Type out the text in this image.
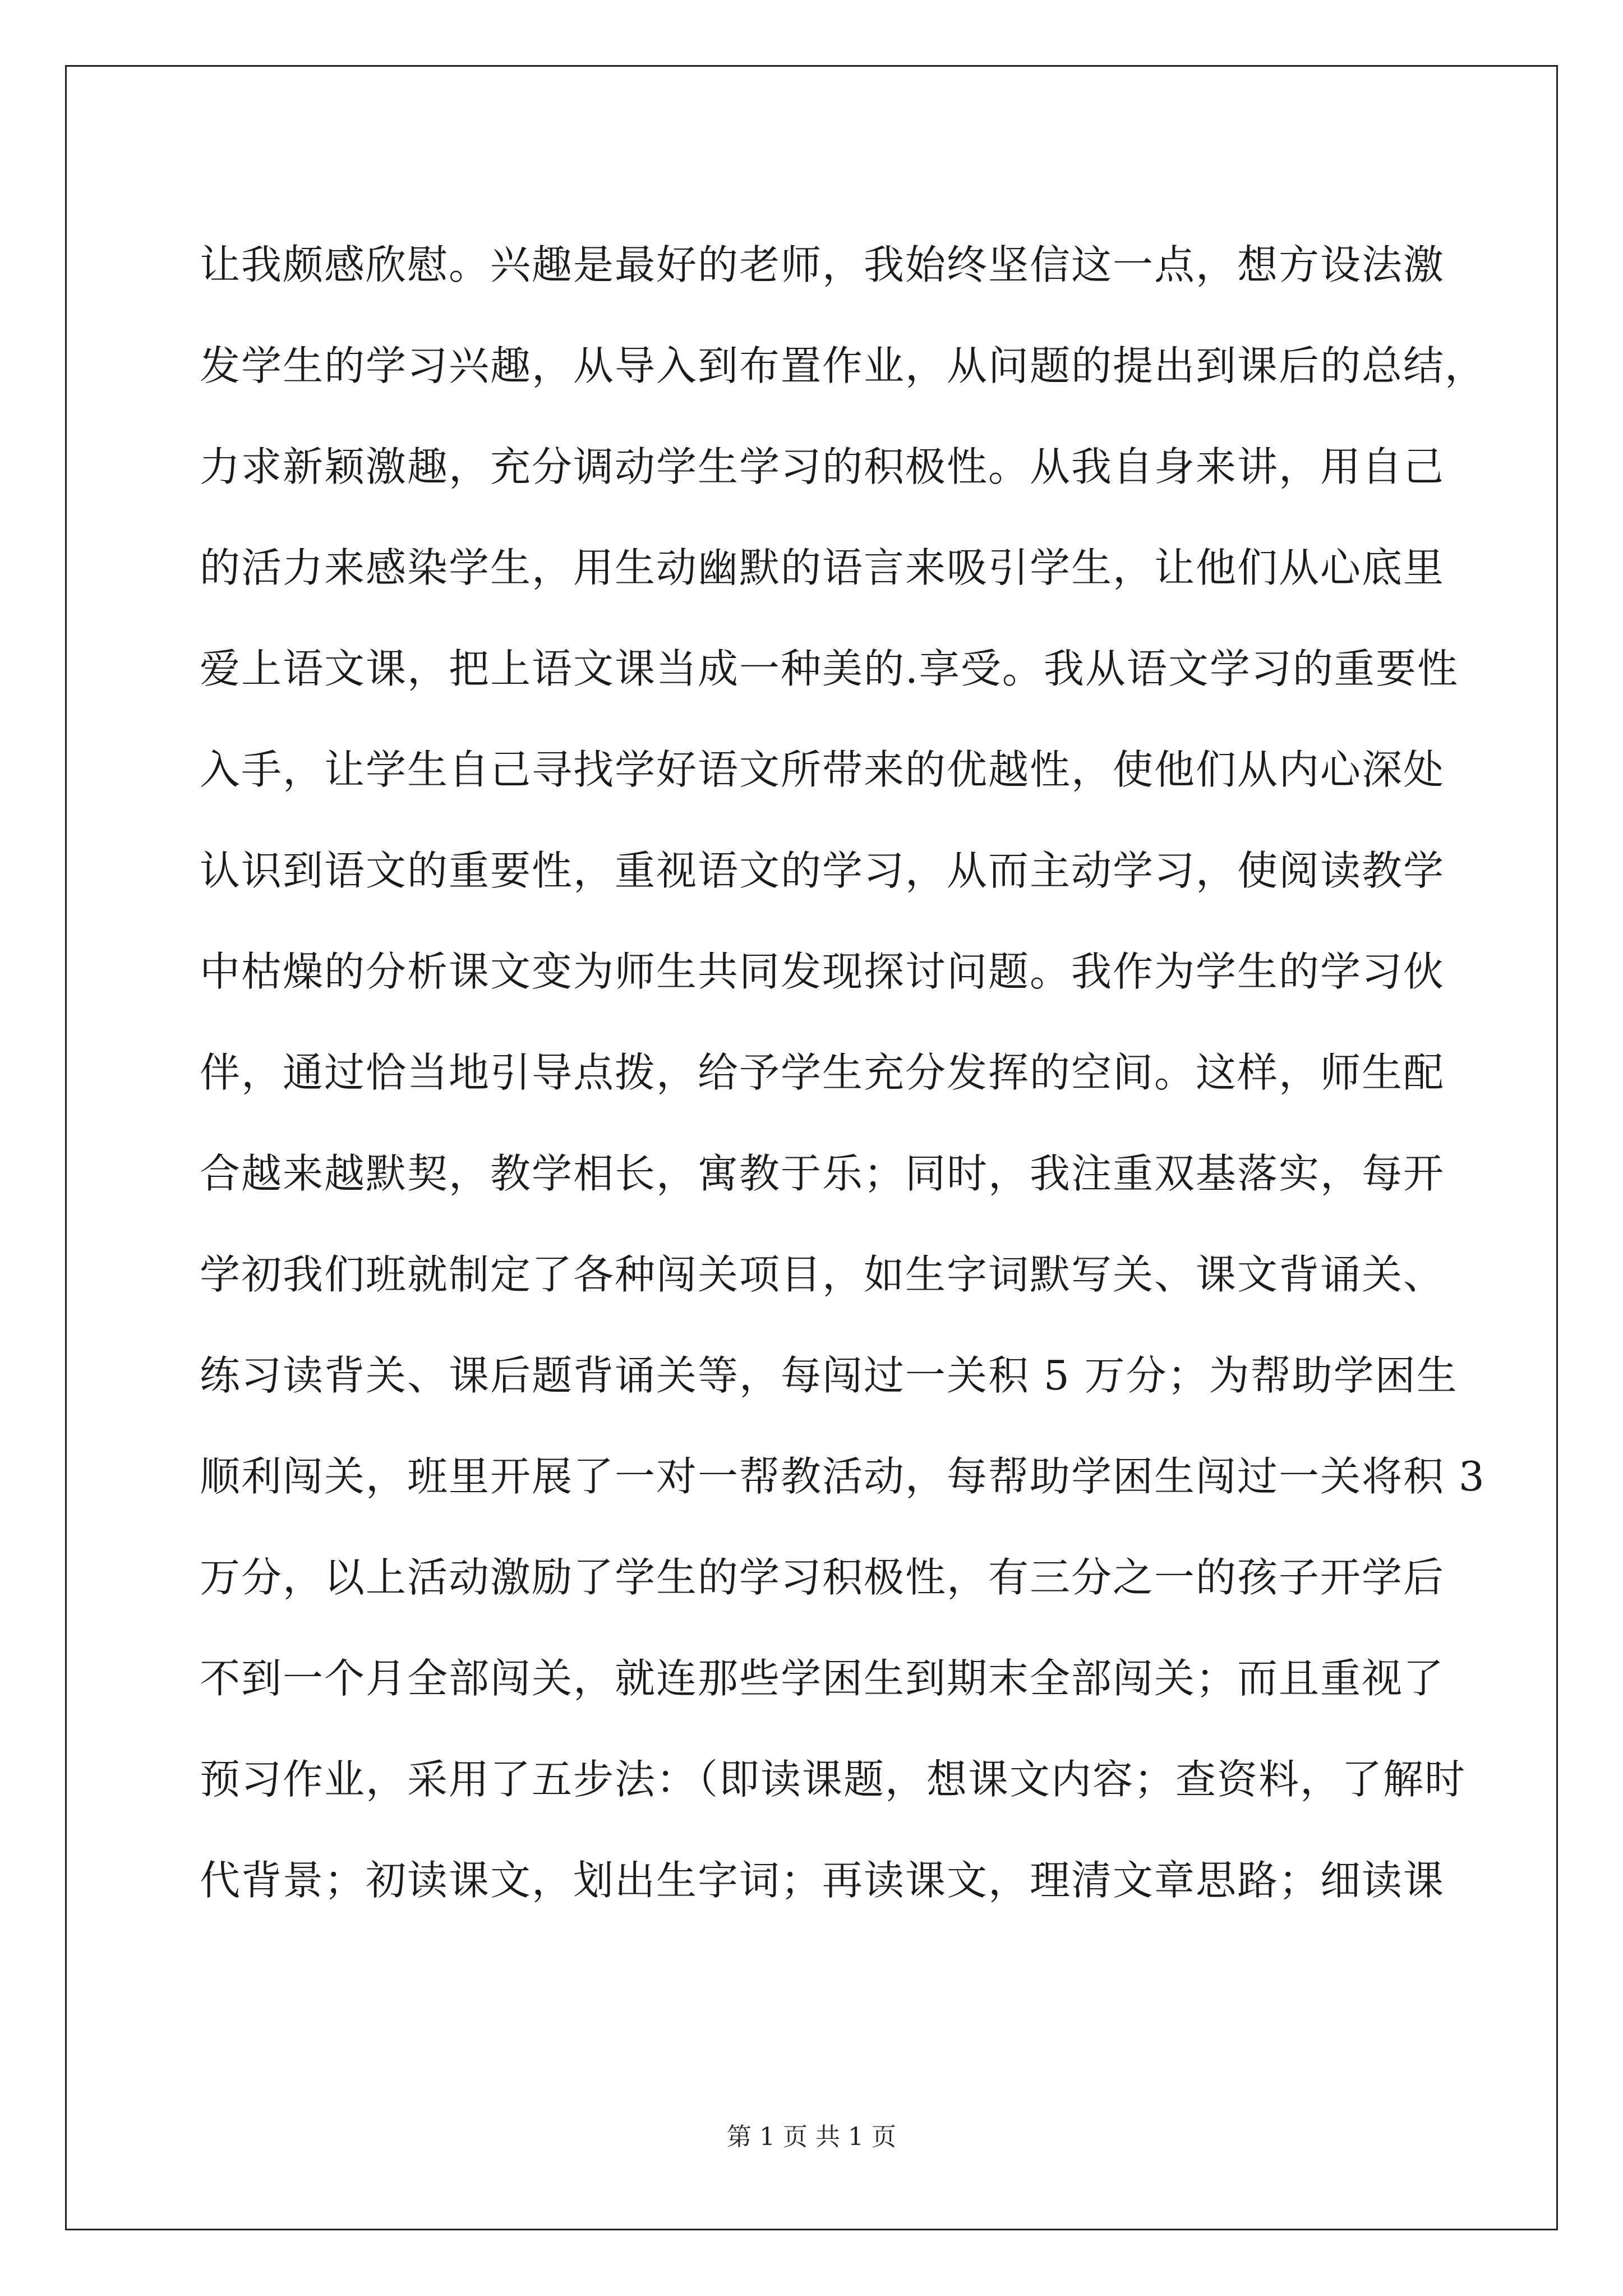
让我颇感欣慰。兴趣是最好的老师，我始终坚信这一点，想方设法激
发学生的学习兴趣，从导入到布置作业，从问题的提出到课后的总结，
力求新颖激趣，充分调动学生学习的积极性。从我自身来讲，用自己
的活力来感染学生，用生动幽默的语言来吸引学生，让他们从心底里
爱上语文课，把上语文课当成一种美的.享受。我从语文学习的重要性
入手，让学生自己寻找学好语文所带来的优越性，使他们从内心深处
认识到语文的重要性，重视语文的学习，从而主动学习，使阅读教学
中枯燥的分析课文变为师生共同发现探讨问题。我作为学生的学习伙
伴，通过恰当地引导点拨，给予学生充分发挥的空间。这样，师生配
合越来越默契，教学相长，寓教于乐；同时，我注重双基落实，每开
学初我们班就制定了各种闯关项目，如生字词默写关、课文背诵关、
练习读背关、课后题背诵关等，每闯过一关积 5 万分；为帮助学困生
顺利闯关，班里开展了一对一帮教活动，每帮助学困生闯过一关将积 3
万分，以上活动激励了学生的学习积极性，有三分之一的孩子开学后
不到一个月全部闯关，就连那些学困生到期末全部闯关；而且重视了
预习作业，采用了五步法：（即读课题，想课文内容；查资料，了解时
代背景；初读课文，划出生字词；再读课文，理清文章思路；细读课
第 1 页 共 1 页
